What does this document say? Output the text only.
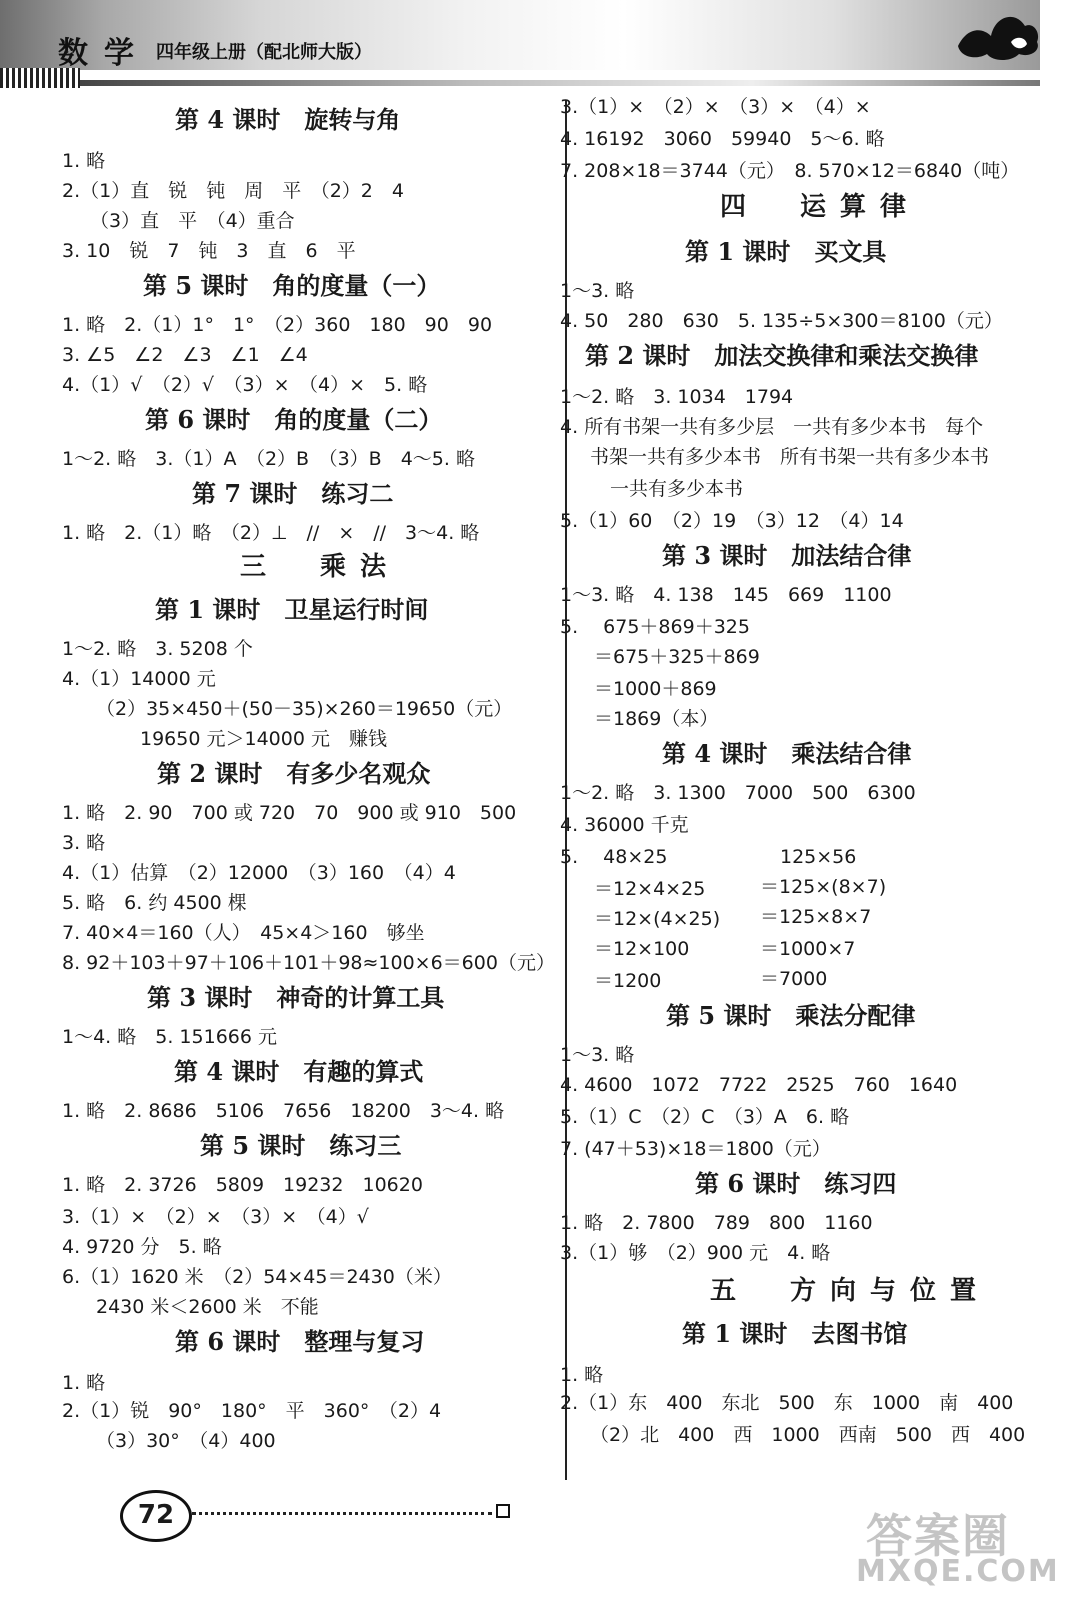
数学 四年级上册（配北师大版）
第 4 课时　旋转与角
1. 略
2.（1）直　锐　钝　周　平　（2）2　4
（3）直　平　（4）重合
3. 10　锐　7　钝　3　直　6　平
第 5 课时　角的度量（一）
1. 略　2.（1）1°　1°　（2）360　180　90　90
3. ∠5　∠2　∠3　∠1　∠4
4.（1）√　（2）√　（3）×　（4）×　5. 略
第 6 课时　角的度量（二）
1～2. 略　3.（1）A　（2）B　（3）B　4～5. 略
第 7 课时　练习二
1. 略　2.（1）略　（2）⊥　//　×　//　3～4. 略
三　乘法
第 1 课时　卫星运行时间
1～2. 略　3. 5208 个
4.（1）14000 元
（2）35×450＋(50－35)×260＝19650（元）
19650 元＞14000 元　赚钱
第 2 课时　有多少名观众
1. 略　2. 90　700 或 720　70　900 或 910　500
3. 略
4.（1）估算　（2）12000　（3）160　（4）4
5. 略　6. 约 4500 棵
7. 40×4＝160（人）　45×4＞160　够坐
8. 92＋103＋97＋106＋101＋98≈100×6＝600（元）
第 3 课时　神奇的计算工具
1～4. 略　5. 151666 元
第 4 课时　有趣的算式
1. 略　2. 8686　5106　7656　18200　3～4. 略
第 5 课时　练习三
1. 略　2. 3726　5809　19232　10620
3.（1）×　（2）×　（3）×　（4）√
4. 9720 分　5. 略
6.（1）1620 米　（2）54×45＝2430（米）
2430 米＜2600 米　不能
第 6 课时　整理与复习
1. 略
2.（1）锐　90°　180°　平　360°　（2）4
（3）30°　（4）400
3.（1）×　（2）×　（3）×　（4）×
4. 16192　3060　59940　5～6. 略
7. 208×18＝3744（元）　8. 570×12＝6840（吨）
四　运算律
第 1 课时　买文具
1～3. 略
4. 50　280　630　5. 135÷5×300＝8100（元）
第 2 课时　加法交换律和乘法交换律
1～2. 略　3. 1034　1794
4. 所有书架一共有多少层　一共有多少本书　每个
书架一共有多少本书　所有书架一共有多少本书
一共有多少本书
5.（1）60　（2）19　（3）12　（4）14
第 3 课时　加法结合律
1～3. 略　4. 138　145　669　1100
5. 　675＋869＋325
＝675＋325＋869
＝1000＋869
＝1869（本）
第 4 课时　乘法结合律
1～2. 略　3. 1300　7000　500　6300
4. 36000 千克
5. 　48×25	125×56
＝12×4×25	＝125×(8×7)
＝12×(4×25) ＝125×8×7
＝12×100	＝1000×7
＝1200	＝7000
第 5 课时　乘法分配律
1～3. 略
4. 4600　1072　7722　2525　760　1640
5.（1）C　（2）C　（3）A　6. 略
7. (47＋53)×18＝1800（元）
第 6 课时　练习四
1. 略　2. 7800　789　800　1160
3.（1）够　（2）900 元　4. 略
五　方向与位置
第 1 课时　去图书馆
1. 略
2.（1）东　400　东北　500　东　1000　南　400
（2）北　400　西　1000　西南　500　西　400
72	答案圈
MXQE.COM
